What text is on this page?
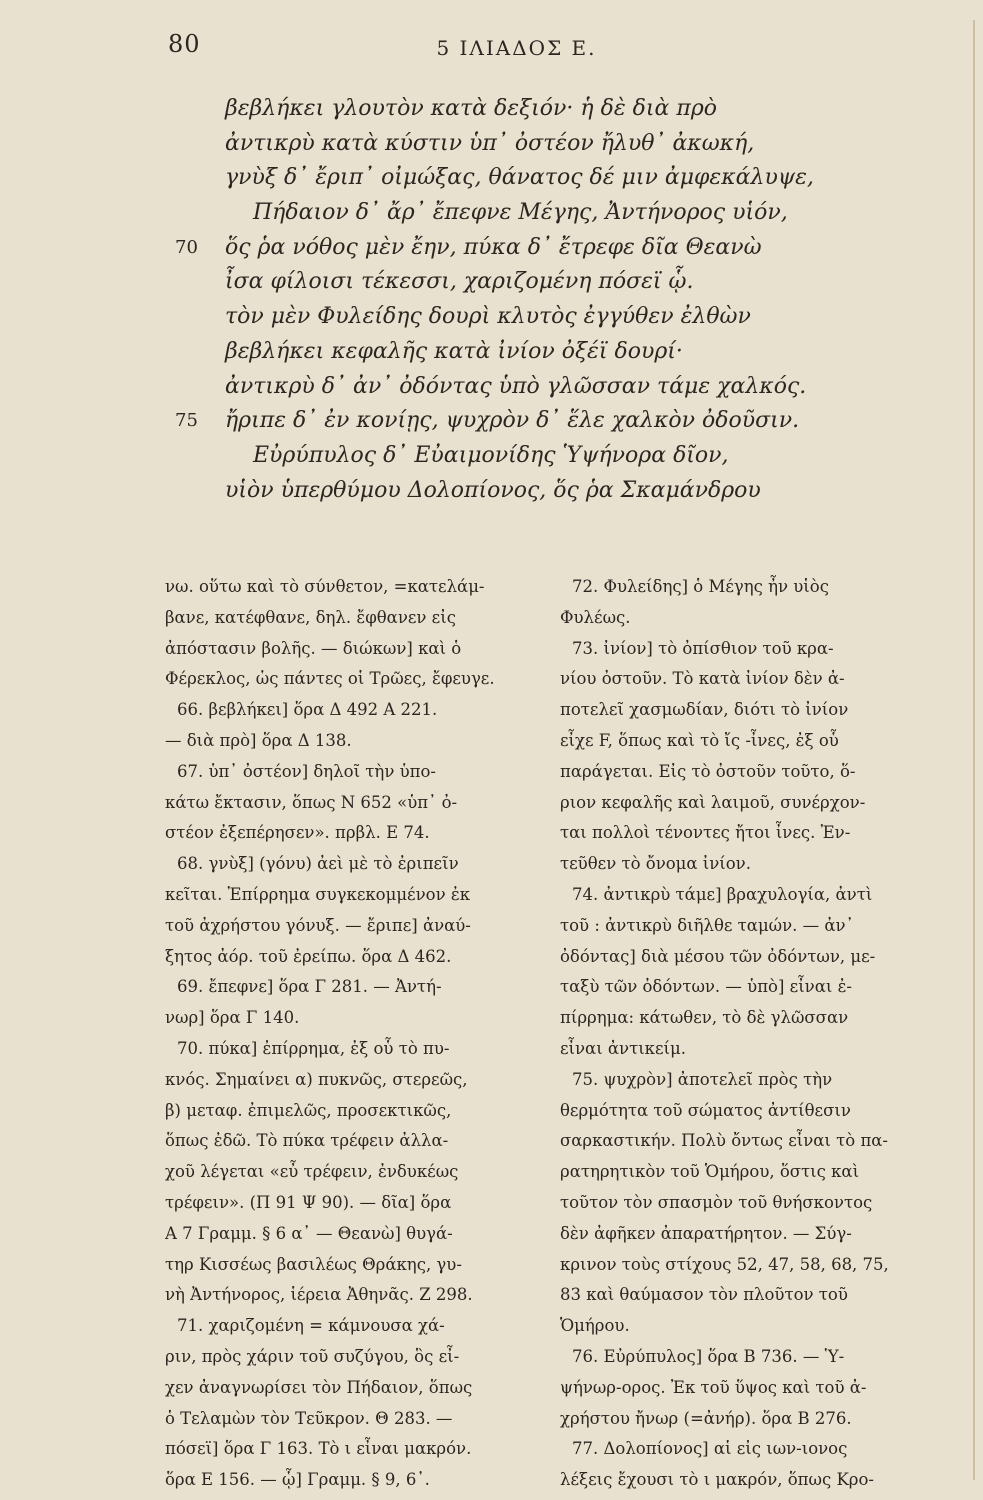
80	5 ΙΛΙΑΔΟΣ Ε.
βεβλήκει γλουτὸν κατὰ δεξιόν· ἡ δὲ διὰ πρὸ
ἀντικρὺ κατὰ κύστιν ὑπ᾽ ὀστέον ἤλυθ᾽ ἀκωκή,
γνὺξ δ᾽ ἔριπ᾽ οἰμώξας, θάνατος δέ μιν ἀμφεκάλυψε,
Πήδαιον δ᾽ ἄρ᾽ ἔπεφνε Μέγης, Ἀντήνορος υἱόν,
70 ὅς ῥα νόθος μὲν ἔην, πύκα δ᾽ ἔτρεφε δῖα Θεανὼ
ἶσα φίλοισι τέκεσσι, χαριζομένη πόσεϊ ᾧ.
τὸν μὲν Φυλείδης δουρὶ κλυτὸς ἐγγύθεν ἐλθὼν
βεβλήκει κεφαλῆς κατὰ ἰνίον ὀξέϊ δουρί·
ἀντικρὺ δ᾽ ἀν᾽ ὀδόντας ὑπὸ γλῶσσαν τάμε χαλκός.
75 ἤριπε δ᾽ ἐν κονίῃς, ψυχρὸν δ᾽ ἕλε χαλκὸν ὀδοῦσιν.
Εὐρύπυλος δ᾽ Εὐαιμονίδης Ὑψήνορα δῖον,
υἱὸν ὑπερθύμου Δολοπίονος, ὅς ῥα Σκαμάνδρου
νω. οὕτω καὶ τὸ σύνθετον, =κατελάμ-
βανε, κατέφθανε, δηλ. ἔφθανεν εἰς
ἀπόστασιν βολῆς. — διώκων] καὶ ὁ
Φέρεκλος, ὡς πάντες οἱ Τρῶες, ἔφευγε.
66. βεβλήκει] ὅρα Δ 492 Α 221.
— διὰ πρὸ] ὅρα Δ 138.
67. ὑπ᾽ ὀστέον] δηλοῖ τὴν ὑπο-
κάτω ἔκτασιν, ὅπως Ν 652 «ὑπ᾽ ὀ-
στέον ἐξεπέρησεν». πρβλ. Ε 74.
68. γνὺξ] (γόνυ) ἀεὶ μὲ τὸ ἐριπεῖν
κεῖται. Ἐπίρρημα συγκεκομμένον ἐκ
τοῦ ἀχρήστου γόνυξ. — ἔριπε] ἀναύ-
ξητος ἀόρ. τοῦ ἐρείπω. ὅρα Δ 462.
69. ἔπεφνε] ὅρα Γ 281. — Ἀντή-
νωρ] ὅρα Γ 140.
70. πύκα] ἐπίρρημα, ἐξ οὗ τὸ πυ-
κνός. Σημαίνει α) πυκνῶς, στερεῶς,
β) μεταφ. ἐπιμελῶς, προσεκτικῶς,
ὅπως ἐδῶ. Τὸ πύκα τρέφειν ἀλλα-
χοῦ λέγεται «εὖ τρέφειν, ἐνδυκέως
τρέφειν». (Π 91 Ψ 90). — δῖα] ὅρα
Α 7 Γραμμ. § 6 α᾽ — Θεανὼ] θυγά-
τηρ Κισσέως βασιλέως Θράκης, γυ-
νὴ Ἀντήνορος, ἱέρεια Ἀθηνᾶς. Ζ 298.
71. χαριζομένη = κάμνουσα χά-
ριν, πρὸς χάριν τοῦ συζύγου, ὃς εἶ-
χεν ἀναγνωρίσει τὸν Πήδαιον, ὅπως
ὁ Τελαμὼν τὸν Τεῦκρον. Θ 283. —
πόσεϊ] ὅρα Γ 163. Τὸ ι εἶναι μακρόν.
ὅρα Ε 156. — ᾧ] Γραμμ. § 9, 6᾽.
72. Φυλείδης] ὁ Μέγης ἦν υἱὸς
Φυλέως.
73. ἰνίον] τὸ ὀπίσθιον τοῦ κρα-
νίου ὀστοῦν. Τὸ κατὰ ἰνίον δὲν ἀ-
ποτελεῖ χασμωδίαν, διότι τὸ ἰνίον
εἶχε F, ὅπως καὶ τὸ ἴς -ἶνες, ἐξ οὗ
παράγεται. Εἰς τὸ ὀστοῦν τοῦτο, ὅ-
ριον κεφαλῆς καὶ λαιμοῦ, συνέρχον-
ται πολλοὶ τένοντες ἤτοι ἶνες. Ἐν-
τεῦθεν τὸ ὄνομα ἰνίον.
74. ἀντικρὺ τάμε] βραχυλογία, ἀντὶ
τοῦ : ἀντικρὺ διῆλθε ταμών. — ἀν᾽
ὀδόντας] διὰ μέσου τῶν ὀδόντων, με-
ταξὺ τῶν ὀδόντων. — ὑπὸ] εἶναι ἐ-
πίρρημα: κάτωθεν, τὸ δὲ γλῶσσαν
εἶναι ἀντικείμ.
75. ψυχρὸν] ἀποτελεῖ πρὸς τὴν
θερμότητα τοῦ σώματος ἀντίθεσιν
σαρκαστικήν. Πολὺ ὄντως εἶναι τὸ πα-
ρατηρητικὸν τοῦ Ὁμήρου, ὅστις καὶ
τοῦτον τὸν σπασμὸν τοῦ θνήσκοντος
δὲν ἀφῆκεν ἀπαρατήρητον. — Σύγ-
κρινον τοὺς στίχους 52, 47, 58, 68, 75,
83 καὶ θαύμασον τὸν πλοῦτον τοῦ
Ὁμήρου.
76. Εὐρύπυλος] ὅρα Β 736. — Ὑ-
ψήνωρ-ορος. Ἐκ τοῦ ὕψος καὶ τοῦ ἀ-
χρήστου ἤνωρ (=ἀνήρ). ὅρα Β 276.
77. Δολοπίονος] αἱ εἰς ιων-ιονος
λέξεις ἔχουσι τὸ ι μακρόν, ὅπως Κρο-
